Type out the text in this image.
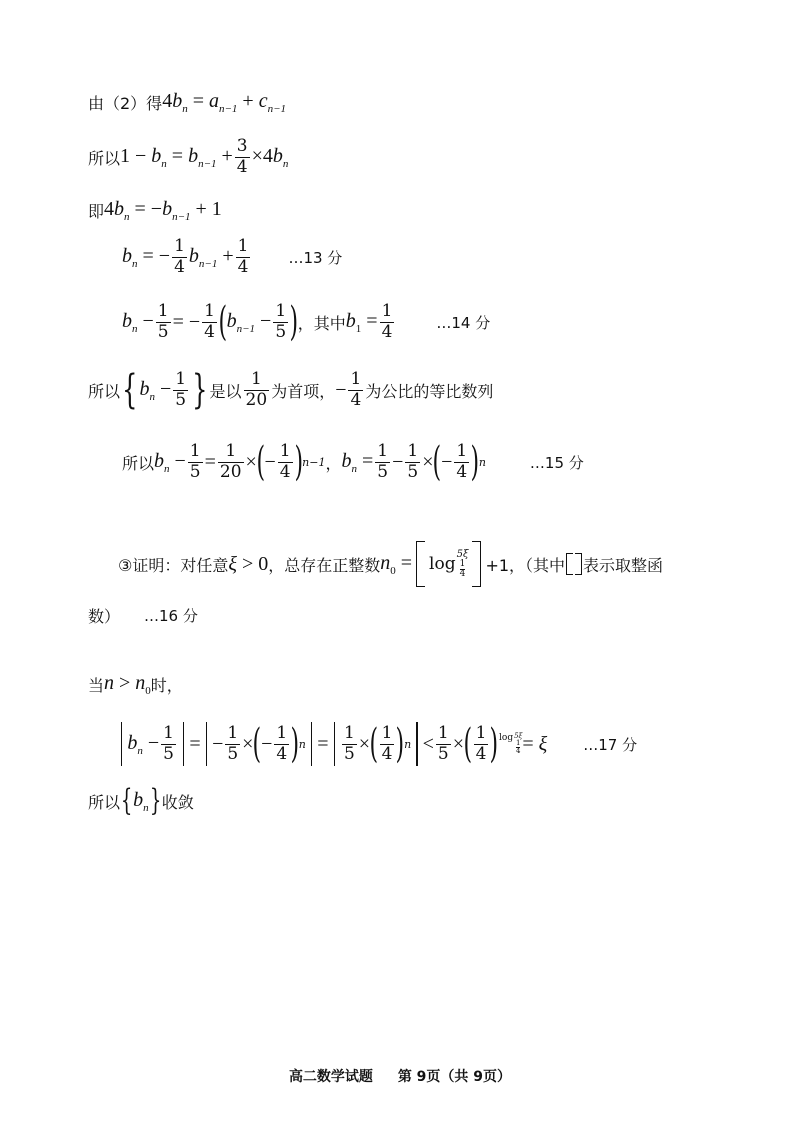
由（2）得 $4b_n = a_{n-1} + c_{n-1}$
所以 $1 - b_n = b_{n-1} + \frac{3}{4} \times 4b_n$
即 $4b_n = -b_{n-1} + 1$
$b_n$ = − $\frac{1}{4} b_{n-1} + \frac{1}{4}$	…13 分
$b_n - \frac{1}{5}$ = − $\frac{1}{4}$ ( $b_{n-1} - \frac{1}{5}$ ) ，其中 $b_1 = \frac{1}{4}$	…14 分
所以 { $b_n - \frac{1}{5}$ } 是以 $\frac{1}{20}$ 为首项， − $\frac{1}{4}$ 为公比的等比数列
所以 $b_n - \frac{1}{5} = \frac{1}{20}$ × ( − $\frac{1}{4}$ ) n−1 ， $b_n = \frac{1}{5} - \frac{1}{5}$ × ( − $\frac{1}{4}$ ) n	…15 分
③证明：对任意 ξ > 0 ，总存在正整数 $n_0 = \log 5\xi$
1
4 +1，（其中 表示取整函
数） …16 分
当 $n > n_0$ 时，
$b_n - \frac{1}{5}$ = − $\frac{1}{5}$ × ( − $\frac{1}{4}$ ) $n = \frac{1}{5}$ × ( $\frac{1}{4}$ ) $n < \frac{1}{5}$ × ( $\frac{1}{4}$ ) log 5ξ
1
4 = ξ …17 分
所以 { $b_n$ } 收敛
高二数学试题 第 9页（共 9页）
